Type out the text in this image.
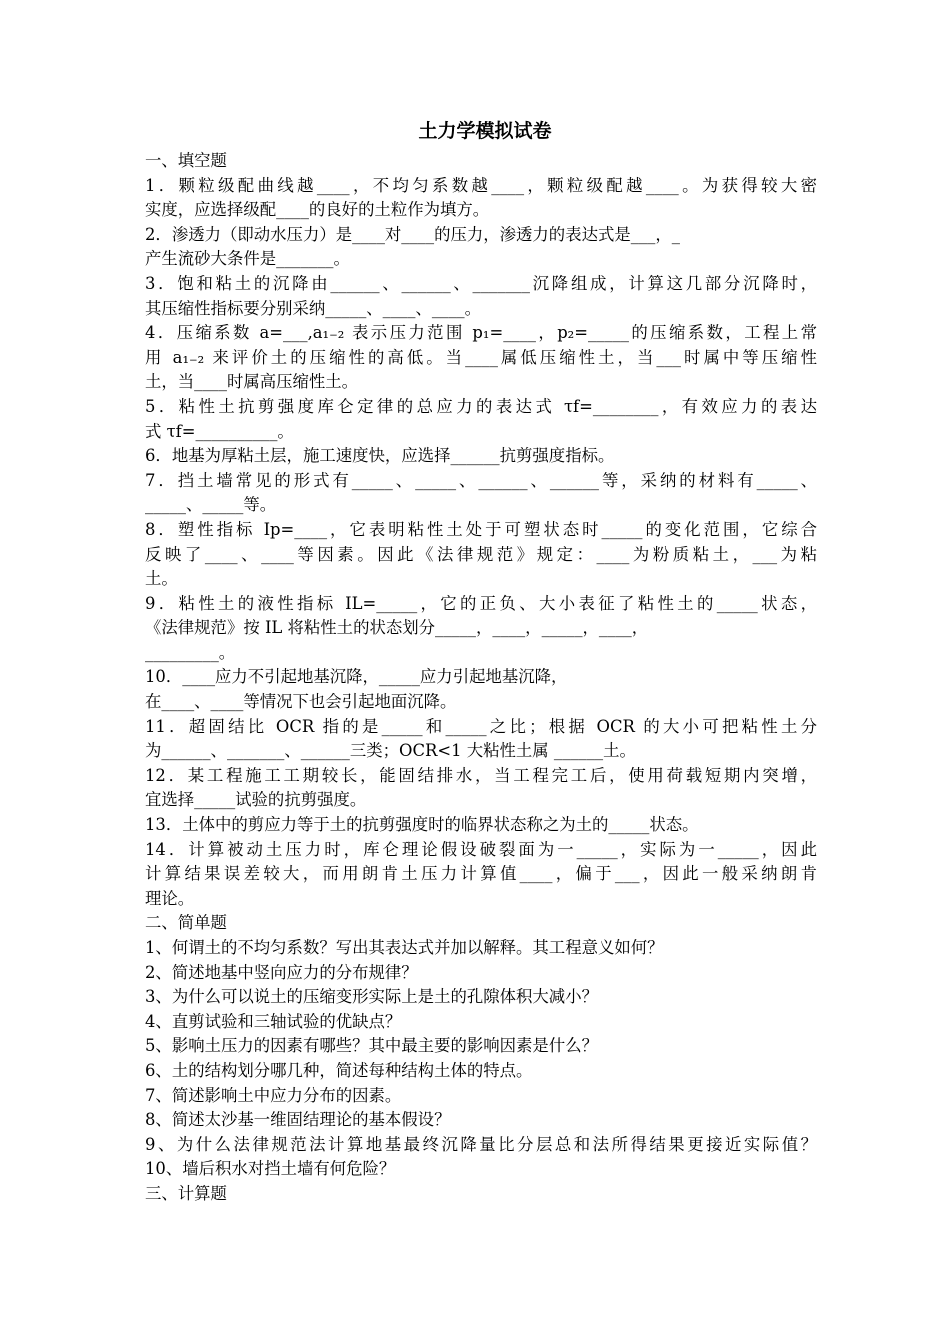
土力学模拟试卷
一、填空题
1．颗粒级配曲线越____，不均匀系数越____，颗粒级配越____。为获得较大密
实度，应选择级配____的良好的土粒作为填方。
2．渗透力（即动水压力）是____对____的压力，渗透力的表达式是___，_
产生流砂大条件是_______。
3．饱和粘土的沉降由______、______、_______沉降组成，计算这几部分沉降时，
其压缩性指标要分别采纳_____、____、____。
4．压缩系数 a=___,a₁₋₂ 表示压力范围 p₁=____，p₂=_____的压缩系数，工程上常
用 a₁₋₂ 来评价土的压缩性的高低。当____属低压缩性土，当___时属中等压缩性
土，当____时属高压缩性土。
5．粘性土抗剪强度库仑定律的总应力的表达式 τf=________，有效应力的表达
式 τf=__________。
6．地基为厚粘土层，施工速度快，应选择______抗剪强度指标。
7．挡土墙常见的形式有_____、_____、______、______等，采纳的材料有_____、
_____、_____等。
8．塑性指标 Ip=____，它表明粘性土处于可塑状态时_____的变化范围，它综合
反映了____、____等因素。因此《法律规范》规定：____为粉质粘土，___为粘
土。
9．粘性土的液性指标 IL=_____，它的正负、大小表征了粘性土的_____状态，
《法律规范》按 IL 将粘性土的状态划分_____，____，_____，____，
_________。
10．____应力不引起地基沉降，_____应力引起地基沉降，
在____、____等情况下也会引起地面沉降。
11．超固结比 OCR 指的是_____和_____之比；根据 OCR 的大小可把粘性土分
为______、_______、______三类；OCR<1 大粘性土属 ______土。
12．某工程施工工期较长，能固结排水，当工程完工后，使用荷载短期内突增，
宜选择_____试验的抗剪强度。
13．土体中的剪应力等于土的抗剪强度时的临界状态称之为土的_____状态。
14．计算被动土压力时，库仑理论假设破裂面为一_____，实际为一_____，因此
计算结果误差较大，而用朗肯土压力计算值____，偏于___，因此一般采纳朗肯
理论。
二、简单题
1、何谓土的不均匀系数？写出其表达式并加以解释。其工程意义如何？
2、简述地基中竖向应力的分布规律？
3、为什么可以说土的压缩变形实际上是土的孔隙体积大减小？
4、直剪试验和三轴试验的优缺点？
5、影响土压力的因素有哪些？其中最主要的影响因素是什么？
6、土的结构划分哪几种，简述每种结构土体的特点。
7、简述影响土中应力分布的因素。
8、简述太沙基一维固结理论的基本假设？
9、为什么法律规范法计算地基最终沉降量比分层总和法所得结果更接近实际值？
10、墙后积水对挡土墙有何危险？
三、计算题
